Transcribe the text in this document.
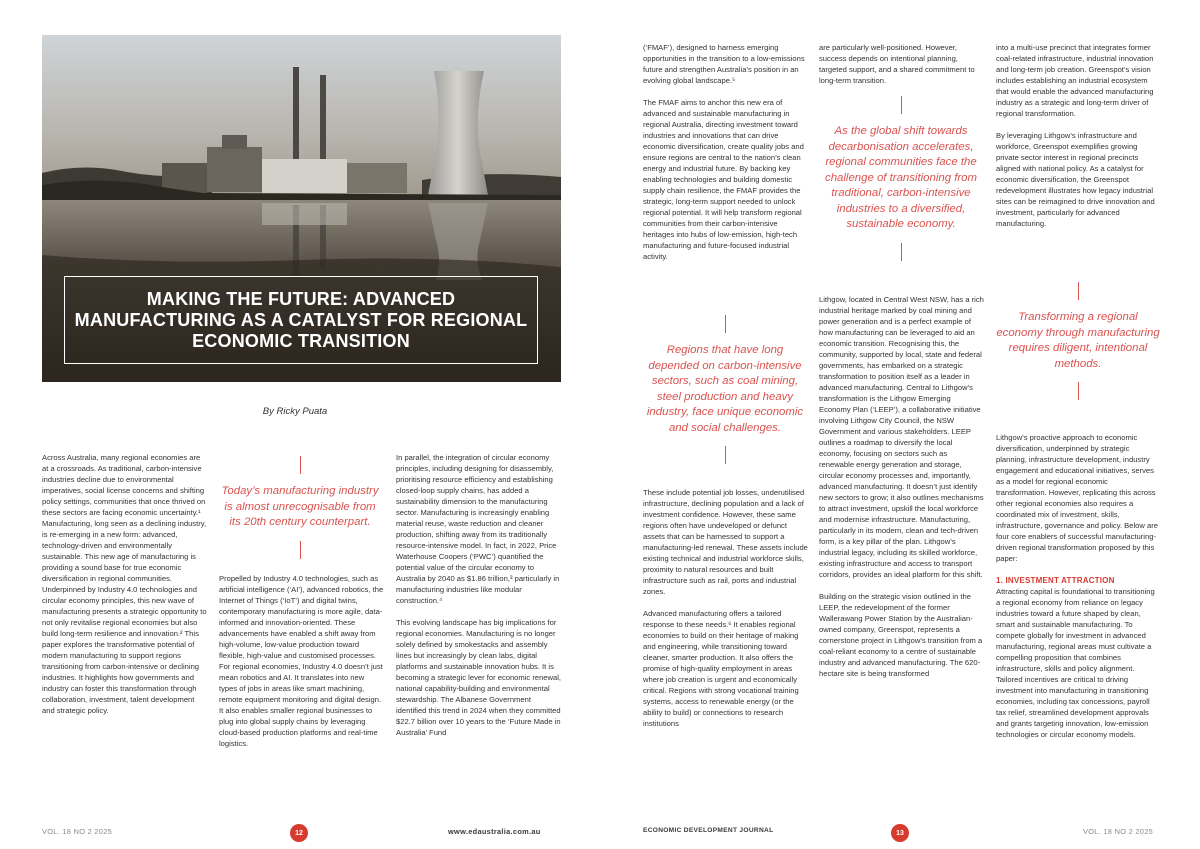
MAKING THE FUTURE: ADVANCED MANUFACTURING AS A CATALYST FOR REGIONAL ECONOMIC TRANSITION
By Ricky Puata

Across Australia, many regional economies are at a crossroads. As traditional, carbon-intensive industries decline due to environmental imperatives, social license concerns and shifting policy settings, communities that once thrived on these sectors are facing economic uncertainty.¹ Manufacturing, long seen as a declining industry, is re-emerging in a new form: advanced, technology-driven and environmentally sustainable. This new age of manufacturing is providing a sound base for true economic diversification in regional communities. Underpinned by Industry 4.0 technologies and circular economy principles, this new wave of manufacturing presents a strategic opportunity to not only revitalise regional economies but also build long-term resilience and innovation.² This paper explores the transformative potential of modern manufacturing to support regions transitioning from carbon-intensive or declining industries. It highlights how governments and industry can foster this transformation through collaboration, investment, talent development and strategic policy.

Today’s manufacturing industry is almost unrecognisable from its 20th century counterpart.

Propelled by Industry 4.0 technologies, such as artificial intelligence (‘AI’), advanced robotics, the Internet of Things (‘IoT’) and digital twins, contemporary manufacturing is more agile, data-informed and innovation-oriented. These advancements have enabled a shift away from high-volume, low-value production toward flexible, high-value and customised processes. For regional economies, Industry 4.0 doesn’t just mean robotics and AI. It translates into new types of jobs in areas like smart machining, remote equipment monitoring and digital design. It also enables smaller regional businesses to plug into global supply chains by leveraging cloud-based production platforms and real-time logistics.

In parallel, the integration of circular economy principles, including designing for disassembly, prioritising resource efficiency and establishing closed-loop supply chains, has added a sustainability dimension to the manufacturing sector. Manufacturing is increasingly enabling material reuse, waste reduction and cleaner production, shifting away from its traditionally resource-intensive model. In fact, in 2022, Price Waterhouse Coopers (‘PWC’) quantified the potential value of the circular economy to Australia by 2040 as $1.86 trillion,³ particularly in manufacturing industries like modular construction.⁴

This evolving landscape has big implications for regional economies. Manufacturing is no longer solely defined by smokestacks and assembly lines but increasingly by clean labs, digital platforms and sustainable innovation hubs. It is becoming a strategic lever for economic renewal, national capability-building and environmental stewardship. The Albanese Government identified this trend in 2024 when they committed $22.7 billion over 10 years to the ‘Future Made in Australia’ Fund

VOL. 18 NO 2 2025	12	www.edaustralia.com.au

(‘FMAF’), designed to harness emerging opportunities in the transition to a low-emissions future and strengthen Australia’s position in an evolving global landscape.⁵

The FMAF aims to anchor this new era of advanced and sustainable manufacturing in regional Australia, directing investment toward industries and innovations that can drive economic diversification, create quality jobs and ensure regions are central to the nation’s clean energy and industrial future. By backing key enabling technologies and building domestic supply chain resilience, the FMAF provides the strategic, long-term support needed to unlock regional potential. It will help transform regional communities from their carbon-intensive heritages into hubs of low-emission, high-tech manufacturing and future-focused industrial activity.

Regions that have long depended on carbon-intensive sectors, such as coal mining, steel production and heavy industry, face unique economic and social challenges.

These include potential job losses, underutilised infrastructure, declining population and a lack of investment confidence. However, these same regions often have undeveloped or defunct assets that can be harnessed to support a manufacturing-led renewal. These assets include existing technical and industrial workforce skills, proximity to natural resources and built infrastructure such as rail, ports and industrial zones.

Advanced manufacturing offers a tailored response to these needs.⁶ It enables regional economies to build on their heritage of making and engineering, while transitioning toward cleaner, smarter production. It also offers the promise of high-quality employment in areas where job creation is urgent and economically critical. Regions with strong vocational training systems, access to renewable energy (or the ability to build) or connections to research institutions

are particularly well-positioned. However, success depends on intentional planning, targeted support, and a shared commitment to long-term transition.

As the global shift towards decarbonisation accelerates, regional communities face the challenge of transitioning from traditional, carbon-intensive industries to a diversified, sustainable economy.

Lithgow, located in Central West NSW, has a rich industrial heritage marked by coal mining and power generation and is a perfect example of how manufacturing can be leveraged to aid an economic transition. Recognising this, the community, supported by local, state and federal governments, has embarked on a strategic transformation to position itself as a leader in advanced manufacturing. Central to Lithgow’s transformation is the Lithgow Emerging Economy Plan (‘LEEP’), a collaborative initiative involving Lithgow City Council, the NSW Government and various stakeholders. LEEP outlines a roadmap to diversify the local economy, focusing on sectors such as renewable energy generation and storage, circular economy processes and, importantly, advanced manufacturing. It doesn’t just identify new sectors to grow; it also outlines mechanisms to attract investment, upskill the local workforce and modernise infrastructure. Manufacturing, particularly in its modern, clean and tech-driven form, is a key pillar of the plan. Lithgow’s industrial legacy, including its skilled workforce, existing infrastructure and access to transport corridors, provides an ideal platform for this shift.

Building on the strategic vision outlined in the LEEP, the redevelopment of the former Wallerawang Power Station by the Australian-owned company, Greenspot, represents a cornerstone project in Lithgow’s transition from a coal-reliant economy to a centre of sustainable industry and advanced manufacturing. The 620-hectare site is being transformed

into a multi-use precinct that integrates former coal-related infrastructure, industrial innovation and long-term job creation. Greenspot’s vision includes establishing an industrial ecosystem that would enable the advanced manufacturing industry as a strategic and long-term driver of regional transformation.

By leveraging Lithgow’s infrastructure and workforce, Greenspot exemplifies growing private sector interest in regional precincts aligned with national policy. As a catalyst for economic diversification, the Greenspot redevelopment illustrates how legacy industrial sites can be reimagined to drive innovation and investment, particularly for advanced manufacturing.

Transforming a regional economy through manufacturing requires diligent, intentional methods.

Lithgow’s proactive approach to economic diversification, underpinned by strategic planning, infrastructure development, industry engagement and educational initiatives, serves as a model for regional economic transformation. However, replicating this across other regional economies also requires a coordinated mix of investment, skills, infrastructure, governance and policy. Below are four core enablers of successful manufacturing-driven regional transformation proposed by this paper:

1. INVESTMENT ATTRACTION

Attracting capital is foundational to transitioning a regional economy from reliance on legacy industries toward a future shaped by clean, smart and sustainable manufacturing. To compete globally for investment in advanced manufacturing, regional areas must cultivate a compelling proposition that combines infrastructure, skills and policy alignment. Tailored incentives are critical to driving investment into manufacturing in transitioning economies, including tax concessions, payroll tax relief, streamlined development approvals and grants targeting innovation, low-emission technologies or circular economy models.

ECONOMIC DEVELOPMENT JOURNAL	13	VOL. 18 NO 2 2025
